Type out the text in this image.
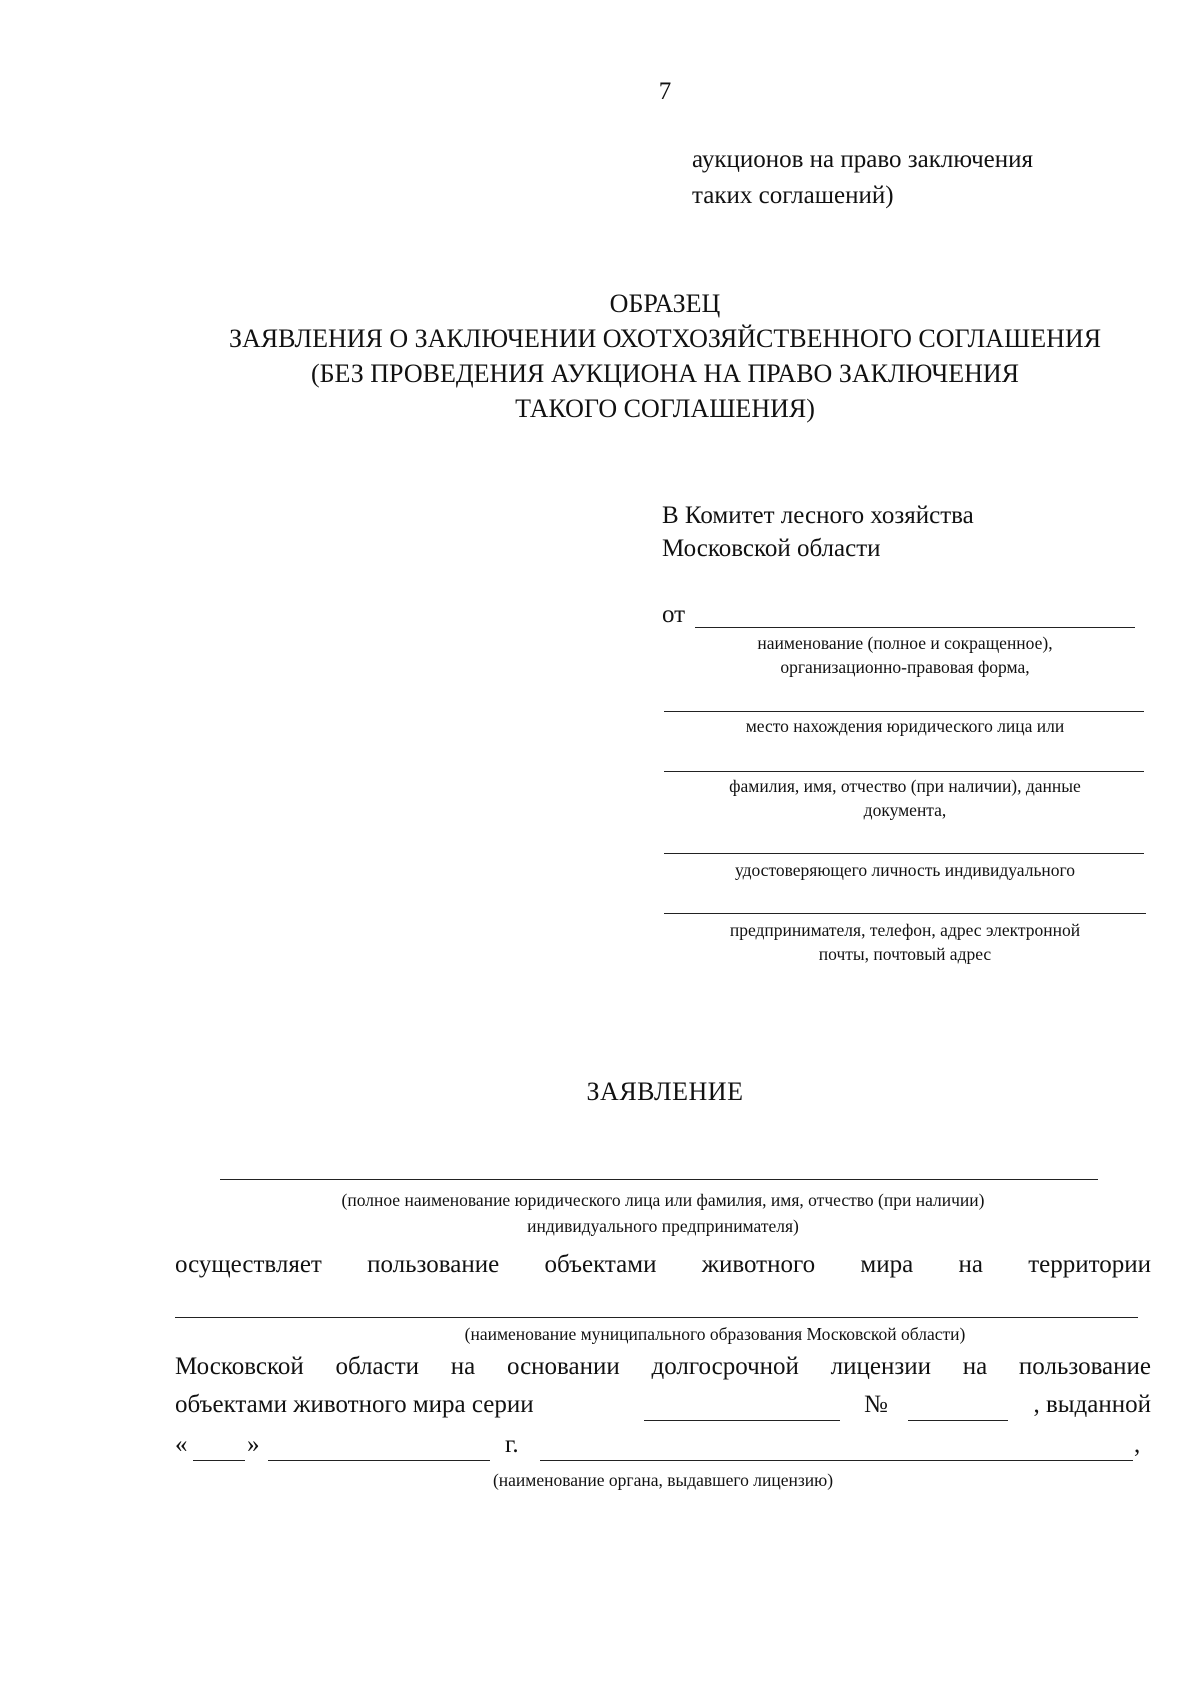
7
аукционов на право заключения
таких соглашений)
ОБРАЗЕЦ
ЗАЯВЛЕНИЯ О ЗАКЛЮЧЕНИИ ОХОТХОЗЯЙСТВЕННОГО СОГЛАШЕНИЯ
(БЕЗ ПРОВЕДЕНИЯ АУКЦИОНА НА ПРАВО ЗАКЛЮЧЕНИЯ
ТАКОГО СОГЛАШЕНИЯ)
В Комитет лесного хозяйства
Московской области
от
наименование (полное и сокращенное),
организационно-правовая форма,
место нахождения юридического лица или
фамилия, имя, отчество (при наличии), данные
документа,
удостоверяющего личность индивидуального
предпринимателя, телефон, адрес электронной
почты, почтовый адрес
ЗАЯВЛЕНИЕ
(полное наименование юридического лица или фамилия, имя, отчество (при наличии)
индивидуального предпринимателя)
осуществляет пользование объектами животного мира на территории
(наименование муниципального образования Московской области)
Московской области на основании долгосрочной лицензии на пользование
объектами животного мира серии	№	, выданной
« »	г.	,
(наименование органа, выдавшего лицензию)
